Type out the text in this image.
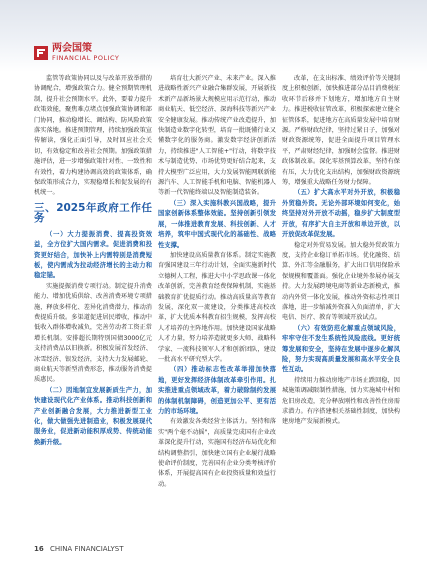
两会国策
FINANCIAL POLICY

监管等政策协同以及与改革开放举措的协调配合，增强政策合力。健全预期管理机制，提升社会预期水平。此外，要着力提升政策效能，聚焦难点堵点加强政策协调和部门协同，推动稳增长、调结构、防风险政策落实落地。推进预期管理，持续加强政策宣传解读，强化正面引导，及时回应社会关切，有效稳定和改善社会预期。加强政策措施评估，进一步增强政策针对性、一致性和有效性，着力构建协调高效的政策体系，确保政策形成合力，实现稳增长和促发展的有机统一。

三、2025年政府工作任务

（一）大力提振消费、提高投资效益，全方位扩大国内需求。促进消费和投资更好结合，加快补上内需特别是消费短板，使内需成为拉动经济增长的主动力和稳定锚。

实施提振消费专项行动。制定提升消费能力、增加优质供给、改善消费环境专项措施，释放多样化、差异化消费潜力，推动消费提质升级。多渠道促进居民增收，推动中低收入群体增收减负，完善劳动者工资正常增长机制。安排超长期特别国债3000亿元支持消费品以旧换新。积极发展首发经济、冰雪经济、银发经济，支持大力发展邮轮、商业航天等新型消费形态，推动服务消费提质惠民。

（二）因地制宜发展新质生产力，加快建设现代化产业体系。推动科技创新和产业创新融合发展，大力推进新型工业化，做大做强先进制造业，积极发展现代服务业，促进新动能积厚成势、传统动能焕新升级。

培育壮大新兴产业、未来产业。深入推进战略性新兴产业融合集群发展，开展新技术新产品新场景大规模应用示范行动，推动商业航天、低空经济、深海科技等新兴产业安全健康发展。推动传统产业改造提升，加快制造业数字化转型，培育一批既懂行业又懂数字化的服务商。激发数字经济创新活力，持续推进"人工智能+"行动，将数字技术与制造优势、市场优势更好结合起来，支持大模型广泛应用，大力发展智能网联新能源汽车、人工智能手机和电脑、智能机器人等新一代智能终端以及智能制造装备。

（三）深入实施科教兴国战略，提升国家创新体系整体效能。坚持创新引领发展，一体推进教育发展、科技创新、人才培养，筑牢中国式现代化的基础性、战略性支撑。

加快建设高质量教育体系。制定实施教育强国建设三年行动计划，全面实施新时代立德树人工程，推进大中小学思政课一体化改革创新，完善教育经费保障机制，实施基础教育扩优提质行动。推动高质量高等教育发展，深化双一流建设，分类推进高校改革，扩大优质本科教育招生规模，发挥高校人才培养的主阵地作用。加快建设国家战略人才力量，努力培养造就更多大师、战略科学家、一流科技领军人才和创新团队，建设一批高水平研究型大学。

（四）推动标志性改革举措加快落地，更好发挥经济体制改革牵引作用。扎实推进重点领域改革，着力破除制约发展的体制机制障碍，创造更加公平、更有活力的市场环境。

有效激发各类经营主体活力。坚持和落实"两个毫不动摇"，高质量完成国有企业改革深化提升行动，实施国有经济布局优化和结构调整指引，加快建立国有企业履行战略使命评价制度，完善国有企业分类考核评价体系，开展提高国有企业投资质量和效益行动。

改革，在支出标准、绩效评价等关键制度上积极创新，加快推进部分品目消费税征收环节后移并下划地方，增加地方自主财力。推进税收征管改革，积极探索建立健全征管体系，促进地方在高质量发展中培育财源。严格财政纪律，坚持过紧日子，加强对财政资源统筹，促进全面提升项目管理水平，严肃财经纪律，加强财会监督。推进财政体制改革。深化零基预算改革，坚持有保有压，大力优化支出结构，加强财政资源统筹，增强重大战略任务财力保障。

（五）扩大高水平对外开放，积极稳外贸稳外资。无论外部环境如何变化，始终坚持对外开放不动摇，稳步扩大制度型开放，有序扩大自主开放和单边开放，以开放促改革促发展。

稳定对外贸易发展。加大稳外贸政策力度，支持企业稳订单拓市场。优化融资、结算、外汇等金融服务，扩大出口信用保险承保规模和覆盖面。强化企业境外参展办展支持。大力发展跨境电商等新业态新模式，推动内外贸一体化发展，推动外资标志性项目落地，进一步缩减外资准入负面清单，扩大电信、医疗、教育等领域开放试点。

（六）有效防范化解重点领域风险，牢牢守住不发生系统性风险底线。更好统筹发展和安全，坚持在发展中逐步化解风险，努力实现高质量发展和高水平安全良性互动。

持续用力推动房地产市场止跌回稳，因城施策调减限制性措施，加力实施城中村和危旧房改造，充分释放刚性和改善性住房需求潜力。有序搭建相关基础性制度，加快构建房地产发展新模式。

16 CHINA FINANCIALYST
